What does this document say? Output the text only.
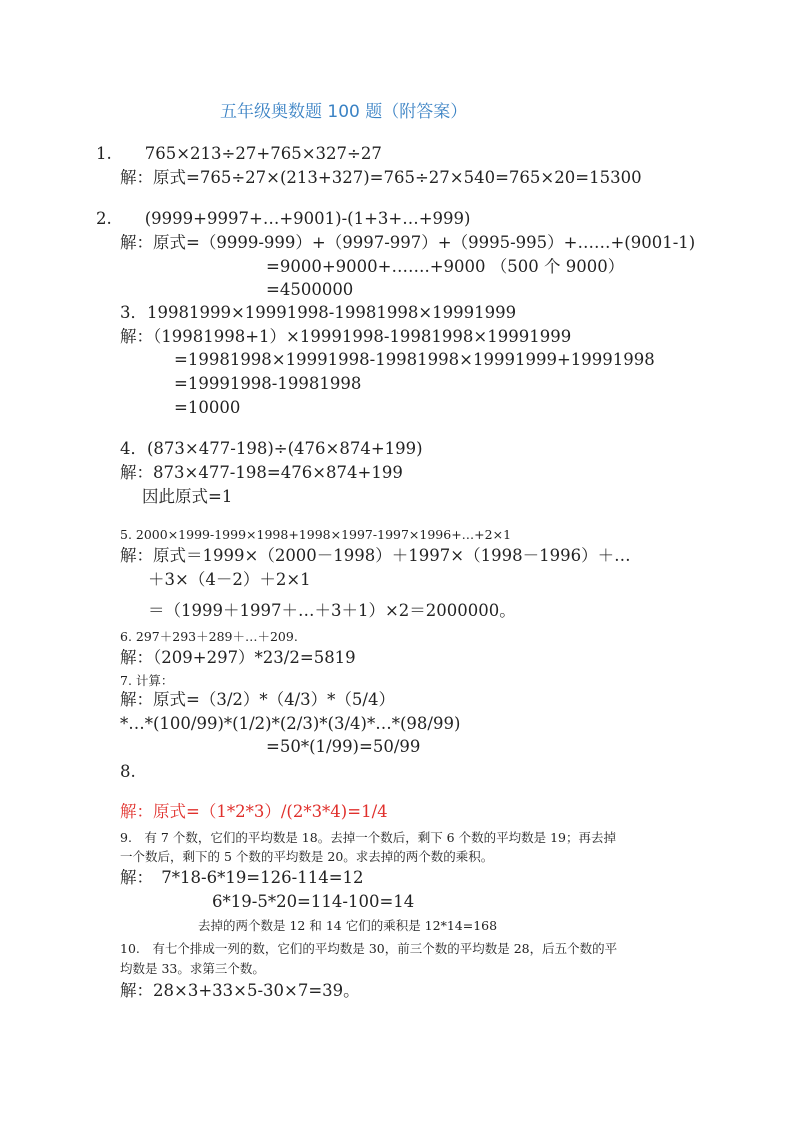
五年级奥数题 100 题（附答案）
1.　　765×213÷27+765×327÷27
解：原式=765÷27×(213+327)=765÷27×540=765×20=15300
2.　　(9999+9997+…+9001)-(1+3+…+999)
解：原式=（9999-999）+（9997-997）+（9995-995）+……+(9001-1)
=9000+9000+…….+9000 （500 个 9000）
=4500000
3．19981999×19991998-19981998×19991999
解：（19981998+1）×19991998-19981998×19991999
=19981998×19991998-19981998×19991999+19991998
=19991998-19981998
=10000
4．(873×477-198)÷(476×874+199)
解：873×477-198=476×874+199
因此原式=1
5. 2000×1999-1999×1998+1998×1997-1997×1996+…+2×1
解：原式＝1999×（2000－1998）＋1997×（1998－1996）＋…
＋3×（4－2）＋2×1
＝（1999＋1997＋…＋3＋1）×2＝2000000。
6. 297＋293＋289＋…＋209.
解：（209+297）*23/2=5819
7. 计算：
解：原式=（3/2）*（4/3）*（5/4）
*…*(100/99)*(1/2)*(2/3)*(3/4)*…*(98/99)
=50*(1/99)=50/99
8.
解：原式=（1*2*3）/(2*3*4)=1/4
9.　有 7 个数，它们的平均数是 18。去掉一个数后，剩下 6 个数的平均数是 19；再去掉
一个数后，剩下的 5 个数的平均数是 20。求去掉的两个数的乘积。
解：　7*18-6*19=126-114=12
6*19-5*20=114-100=14
去掉的两个数是 12 和 14 它们的乘积是 12*14=168
10.　有七个排成一列的数，它们的平均数是 30，前三个数的平均数是 28，后五个数的平
均数是 33。求第三个数。
解：28×3+33×5-30×7=39。
